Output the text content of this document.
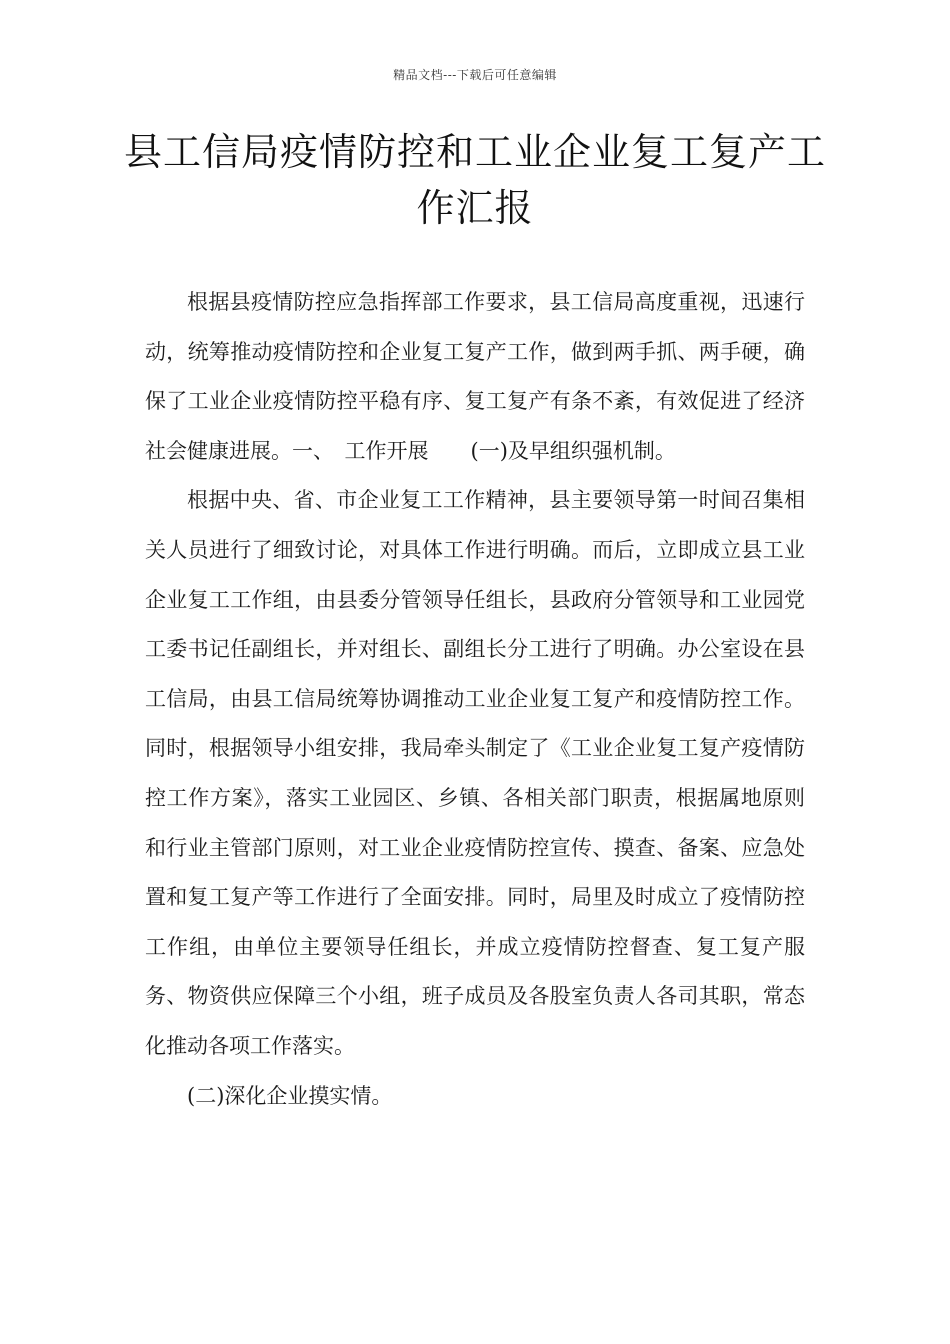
精品文档---下载后可任意编辑
县工信局疫情防控和工业企业复工复产工作汇报

根据县疫情防控应急指挥部工作要求，县工信局高度重视，迅速行动，统筹推动疫情防控和企业复工复产工作，做到两手抓、两手硬，确保了工业企业疫情防控平稳有序、复工复产有条不紊，有效促进了经济社会健康进展。一、　工作开展　　(一)及早组织强机制。

根据中央、省、市企业复工工作精神，县主要领导第一时间召集相关人员进行了细致讨论，对具体工作进行明确。而后，立即成立县工业企业复工工作组，由县委分管领导任组长，县政府分管领导和工业园党工委书记任副组长，并对组长、副组长分工进行了明确。办公室设在县工信局，由县工信局统筹协调推动工业企业复工复产和疫情防控工作。同时，根据领导小组安排，我局牵头制定了《工业企业复工复产疫情防控工作方案》，落实工业园区、乡镇、各相关部门职责，根据属地原则和行业主管部门原则，对工业企业疫情防控宣传、摸查、备案、应急处置和复工复产等工作进行了全面安排。同时，局里及时成立了疫情防控工作组，由单位主要领导任组长，并成立疫情防控督查、复工复产服务、物资供应保障三个小组，班子成员及各股室负责人各司其职，常态化推动各项工作落实。

(二)深化企业摸实情。
